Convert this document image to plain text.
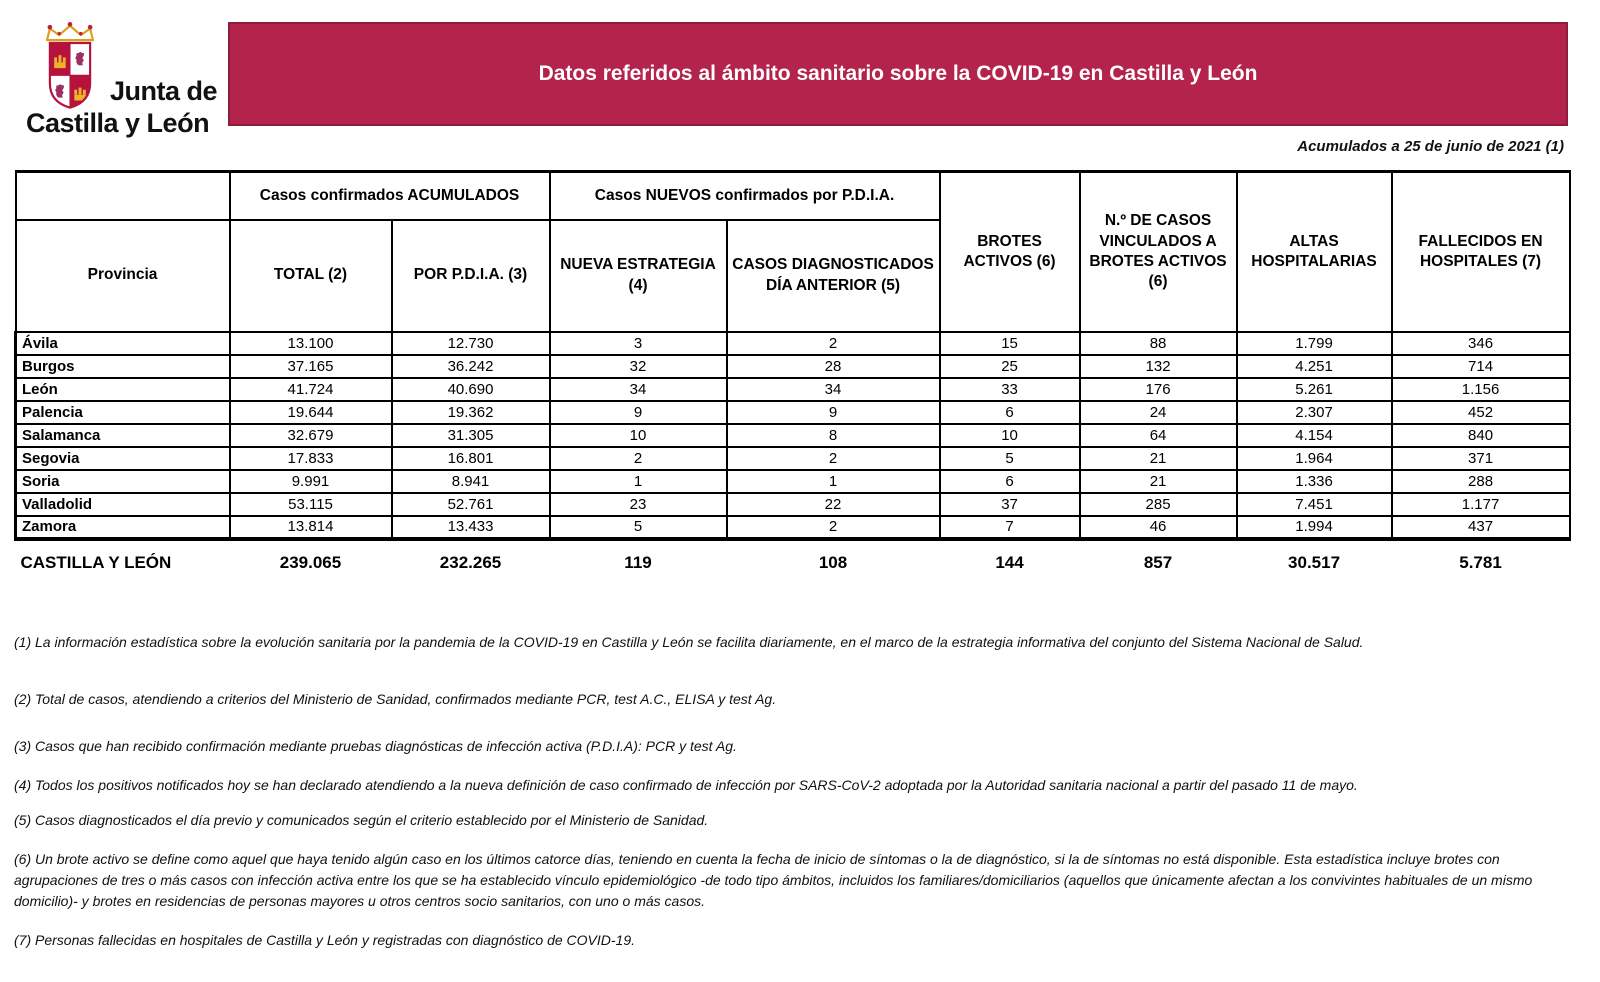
Junta de
Castilla y León
Datos referidos al ámbito sanitario sobre la COVID-19 en Castilla y León
Acumulados a 25 de junio de 2021 (1)
	Casos confirmados ACUMULADOS		Casos NUEVOS confirmados por P.D.I.A.		BROTES ACTIVOS (6)	N.º DE CASOS VINCULADOS A BROTES ACTIVOS (6)	ALTAS HOSPITALARIAS	FALLECIDOS EN HOSPITALES (7)
Provincia	TOTAL (2)	POR P.D.I.A. (3)	NUEVA ESTRATEGIA (4)	CASOS DIAGNOSTICADOS DÍA ANTERIOR (5)				
Ávila	13.100	12.730	3	2	15	88	1.799	346
Burgos	37.165	36.242	32	28	25	132	4.251	714
León	41.724	40.690	34	34	33	176	5.261	1.156
Palencia	19.644	19.362	9	9	6	24	2.307	452
Salamanca	32.679	31.305	10	8	10	64	4.154	840
Segovia	17.833	16.801	2	2	5	21	1.964	371
Soria	9.991	8.941	1	1	6	21	1.336	288
Valladolid	53.115	52.761	23	22	37	285	7.451	1.177
Zamora	13.814	13.433	5	2	7	46	1.994	437
CASTILLA Y LEÓN	239.065	232.265	119	108	144	857	30.517	5.781

(1) La información estadística sobre la evolución sanitaria por la pandemia de la COVID-19 en Castilla y León se facilita diariamente, en el marco de la estrategia informativa del conjunto del Sistema Nacional de Salud.

(2) Total de casos, atendiendo a criterios del Ministerio de Sanidad, confirmados mediante PCR, test A.C., ELISA y test Ag.

(3) Casos que han recibido confirmación mediante pruebas diagnósticas de infección activa (P.D.I.A): PCR y test Ag.

(4) Todos los positivos notificados hoy se han declarado atendiendo a la nueva definición de caso confirmado de infección por SARS-CoV-2 adoptada por la Autoridad sanitaria nacional a partir del pasado 11 de mayo.

(5) Casos diagnosticados el día previo y comunicados según el criterio establecido por el Ministerio de Sanidad.

(6) Un brote activo se define como aquel que haya tenido algún caso en los últimos catorce días, teniendo en cuenta la fecha de inicio de síntomas o la de diagnóstico, si la de síntomas no está disponible. Esta estadística incluye brotes con agrupaciones de tres o más casos con infección activa entre los que se ha establecido vínculo epidemiológico -de todo tipo ámbitos, incluidos los familiares/domiciliarios (aquellos que únicamente afectan a los convivintes habituales de un mismo domicilio)- y brotes en residencias de personas mayores u otros centros socio sanitarios, con uno o más casos.

(7) Personas fallecidas en hospitales de Castilla y León y registradas con diagnóstico de COVID-19.
